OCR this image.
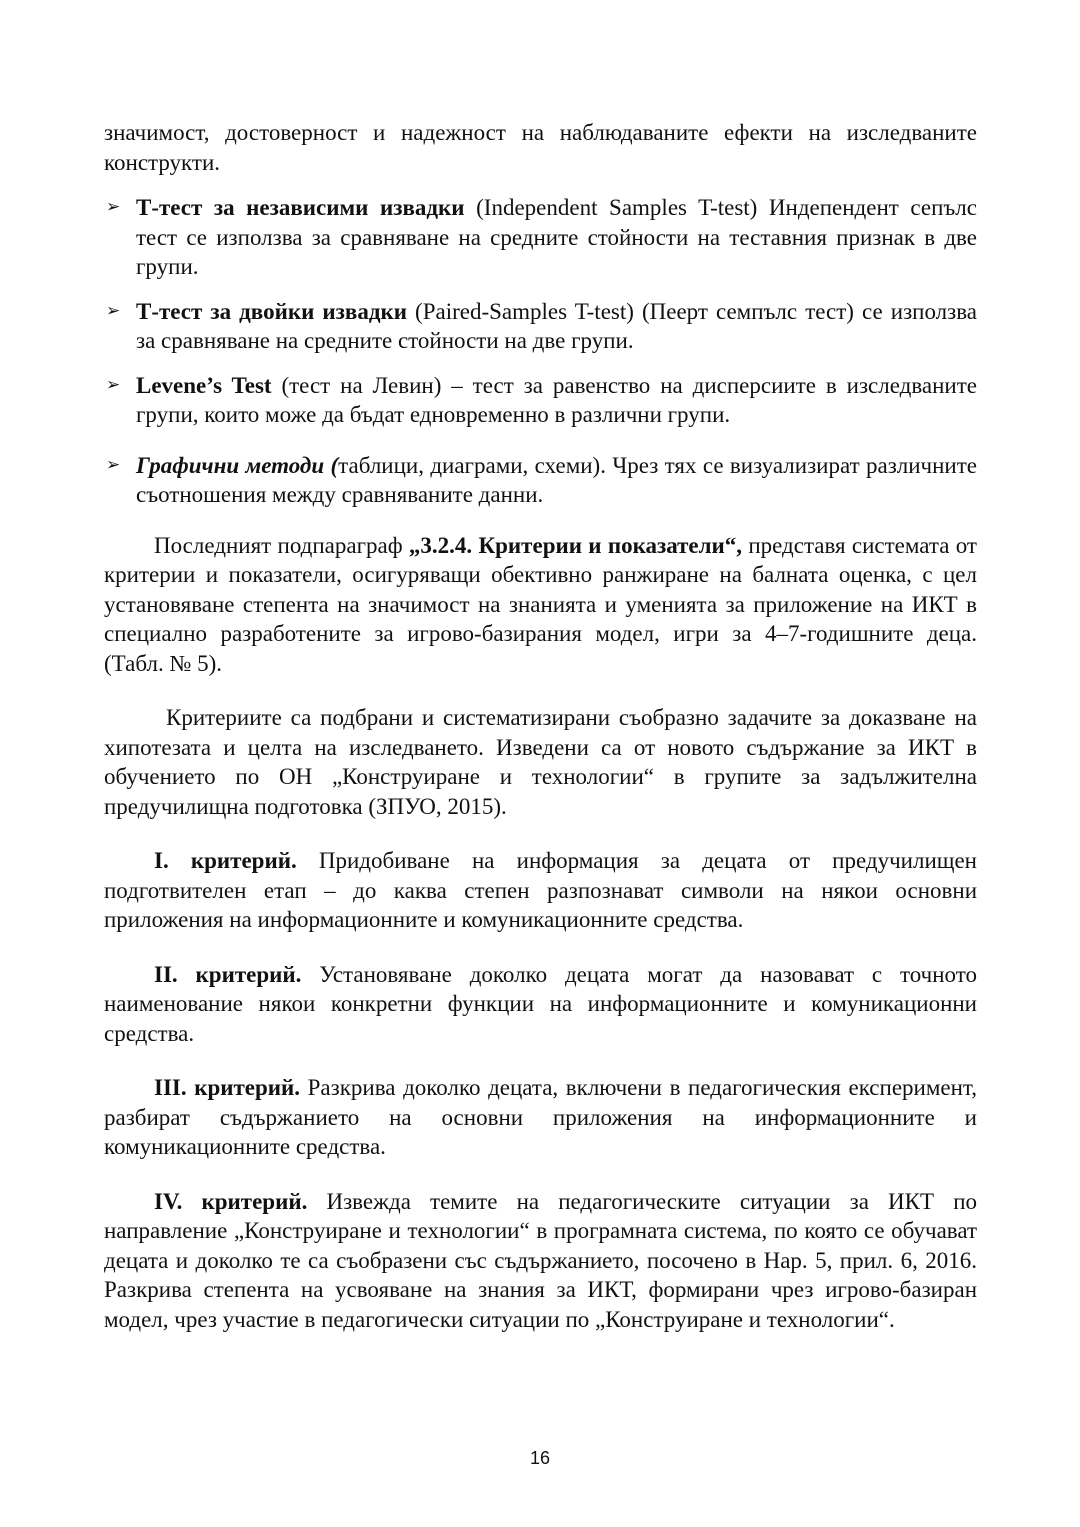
значимост, достоверност и надежност на наблюдаваните ефекти на изследваните конструкти.

➢ Т-тест за независими извадки (Independent Samples T-test) Индепендент сепълс тест се използва за сравняване на средните стойности на теставния признак в две групи.

➢ Т-тест за двойки извадки (Paired-Samples T-test) (Пеерт семпълс тест) се използва за сравняване на средните стойности на две групи.

➢ Levene’s Test (тест на Левин) – тест за равенство на дисперсиите в изследваните групи, които може да бъдат едновременно в различни групи.

➢ Графични методи (таблици, диаграми, схеми). Чрез тях се визуализират различните съотношения между сравняваните данни.

Последният подпараграф „3.2.4. Критерии и показатели“, представя системата от критерии и показатели, осигуряващи обективно ранжиране на балната оценка, с цел установяване степента на значимост на знанията и уменията за приложение на ИКТ в специално разработените за игрово-базирания модел, игри за 4–7-годишните деца. (Табл. № 5).

Критериите са подбрани и систематизирани съобразно задачите за доказване на хипотезата и целта на изследването. Изведени са от новото съдържание за ИКТ в обучението по ОН „Конструиране и технологии“ в групите за задължителна предучилищна подготовка (ЗПУО, 2015).

I. критерий. Придобиване на информация за децата от предучилищен подготвителен етап – до каква степен разпознават символи на някои основни приложения на информационните и комуникационните средства.

II. критерий. Установяване доколко децата могат да назовават с точното наименование някои конкретни функции на информационните и комуникационни средства.

III. критерий. Разкрива доколко децата, включени в педагогическия експеримент, разбират съдържанието на основни приложения на информационните и комуникационните средства.

IV. критерий. Извежда темите на педагогическите ситуации за ИКТ по направление „Конструиране и технологии“ в програмната система, по която се обучават децата и доколко те са съобразени със съдържанието, посочено в Нар. 5, прил. 6, 2016. Разкрива степента на усвояване на знания за ИКТ, формирани чрез игрово-базиран модел, чрез участие в педагогически ситуации по „Конструиране и технологии“.

16
